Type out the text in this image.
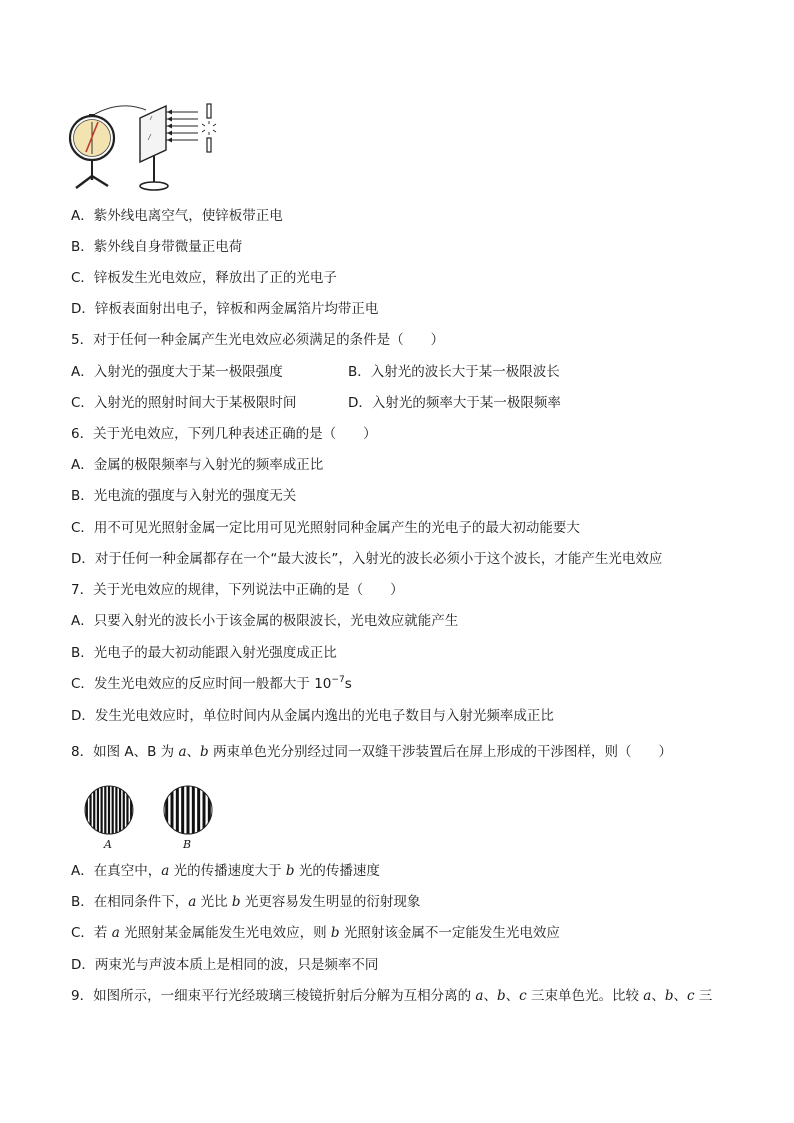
A．紫外线电离空气，使锌板带正电
B．紫外线自身带微量正电荷
C．锌板发生光电效应，释放出了正的光电子
D．锌板表面射出电子，锌板和两金属箔片均带正电
5．对于任何一种金属产生光电效应必须满足的条件是（　　）
A．入射光的强度大于某一极限强度	B．入射光的波长大于某一极限波长
C．入射光的照射时间大于某极限时间	D．入射光的频率大于某一极限频率
6．关于光电效应，下列几种表述正确的是（　　）
A．金属的极限频率与入射光的频率成正比
B．光电流的强度与入射光的强度无关
C．用不可见光照射金属一定比用可见光照射同种金属产生的光电子的最大初动能要大
D．对于任何一种金属都存在一个“最大波长”，入射光的波长必须小于这个波长，才能产生光电效应
7．关于光电效应的规律，下列说法中正确的是（　　）
A．只要入射光的波长小于该金属的极限波长，光电效应就能产生
B．光电子的最大初动能跟入射光强度成正比
C．发生光电效应的反应时间一般都大于 $10^{-7}s$
D．发生光电效应时，单位时间内从金属内逸出的光电子数目与入射光频率成正比
8．如图 A、B 为 a、b 两束单色光分别经过同一双缝干涉装置后在屏上形成的干涉图样，则（　　）
A	B
A．在真空中，a 光的传播速度大于 b 光的传播速度
B．在相同条件下，a 光比 b 光更容易发生明显的衍射现象
C．若 a 光照射某金属能发生光电效应，则 b 光照射该金属不一定能发生光电效应
D．两束光与声波本质上是相同的波，只是频率不同
9．如图所示，一细束平行光经玻璃三棱镜折射后分解为互相分离的 a、b、c 三束单色光。比较 a、b、c 三
